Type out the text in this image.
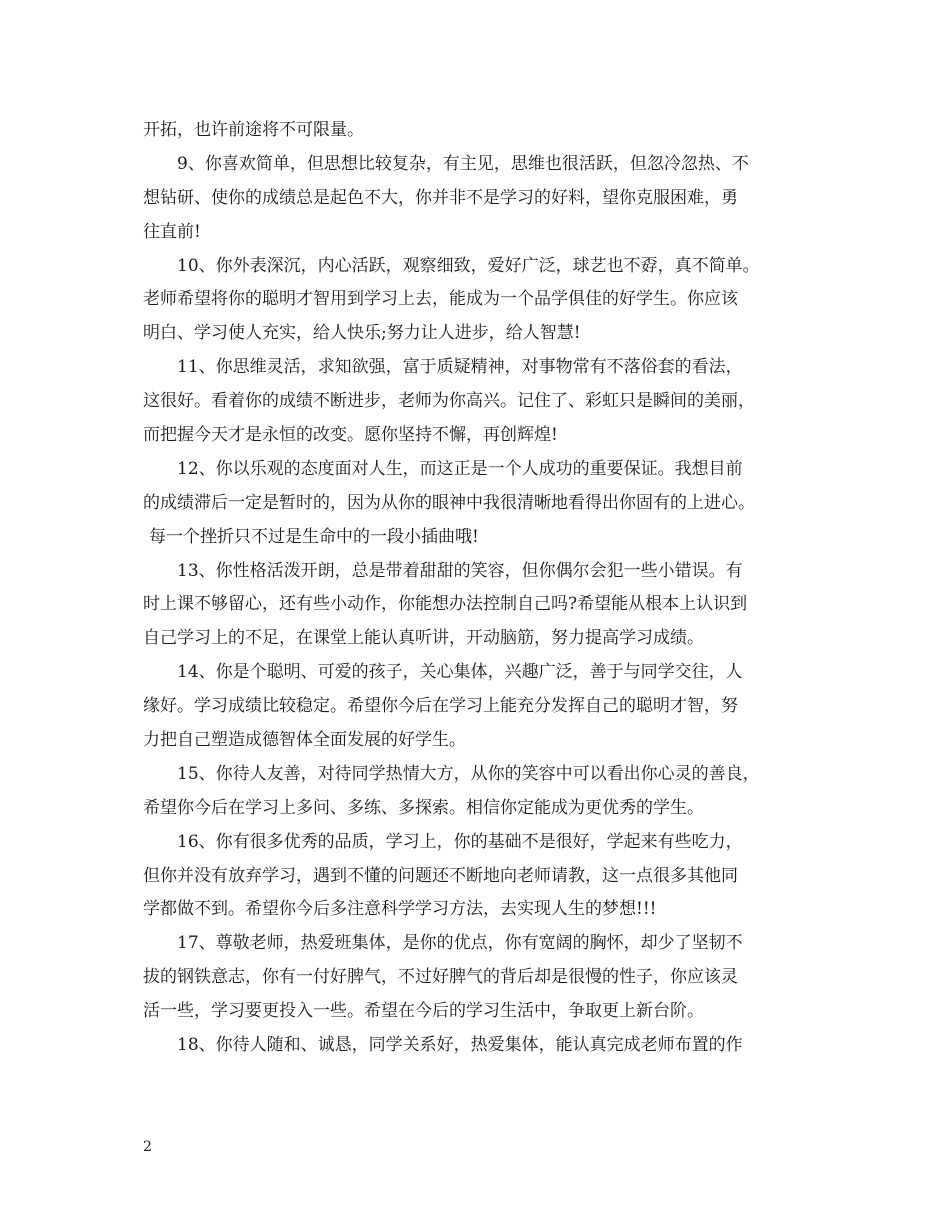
开拓，也许前途将不可限量。
9、你喜欢简单，但思想比较复杂，有主见，思维也很活跃，但忽冷忽热、不
想钻研、使你的成绩总是起色不大，你并非不是学习的好料，望你克服困难，勇
往直前!
10、你外表深沉，内心活跃，观察细致，爱好广泛，球艺也不孬，真不简单。
老师希望将你的聪明才智用到学习上去，能成为一个品学俱佳的好学生。你应该
明白、学习使人充实，给人快乐;努力让人进步，给人智慧!
11、你思维灵活，求知欲强，富于质疑精神，对事物常有不落俗套的看法，
这很好。看着你的成绩不断进步，老师为你高兴。记住了、彩虹只是瞬间的美丽，
而把握今天才是永恒的改变。愿你坚持不懈，再创辉煌!
12、你以乐观的态度面对人生，而这正是一个人成功的重要保证。我想目前
的成绩滞后一定是暂时的，因为从你的眼神中我很清晰地看得出你固有的上进心。
每一个挫折只不过是生命中的一段小插曲哦!
13、你性格活泼开朗，总是带着甜甜的笑容，但你偶尔会犯一些小错误。有
时上课不够留心，还有些小动作，你能想办法控制自己吗?希望能从根本上认识到
自己学习上的不足，在课堂上能认真听讲，开动脑筋，努力提高学习成绩。
14、你是个聪明、可爱的孩子，关心集体，兴趣广泛，善于与同学交往，人
缘好。学习成绩比较稳定。希望你今后在学习上能充分发挥自己的聪明才智，努
力把自己塑造成德智体全面发展的好学生。
15、你待人友善，对待同学热情大方，从你的笑容中可以看出你心灵的善良，
希望你今后在学习上多问、多练、多探索。相信你定能成为更优秀的学生。
16、你有很多优秀的品质，学习上，你的基础不是很好，学起来有些吃力，
但你并没有放弃学习，遇到不懂的问题还不断地向老师请教，这一点很多其他同
学都做不到。希望你今后多注意科学学习方法，去实现人生的梦想!!!
17、尊敬老师，热爱班集体，是你的优点，你有宽阔的胸怀，却少了坚韧不
拔的钢铁意志，你有一付好脾气，不过好脾气的背后却是很慢的性子，你应该灵
活一些，学习要更投入一些。希望在今后的学习生活中，争取更上新台阶。
18、你待人随和、诚恳，同学关系好，热爱集体，能认真完成老师布置的作
2
